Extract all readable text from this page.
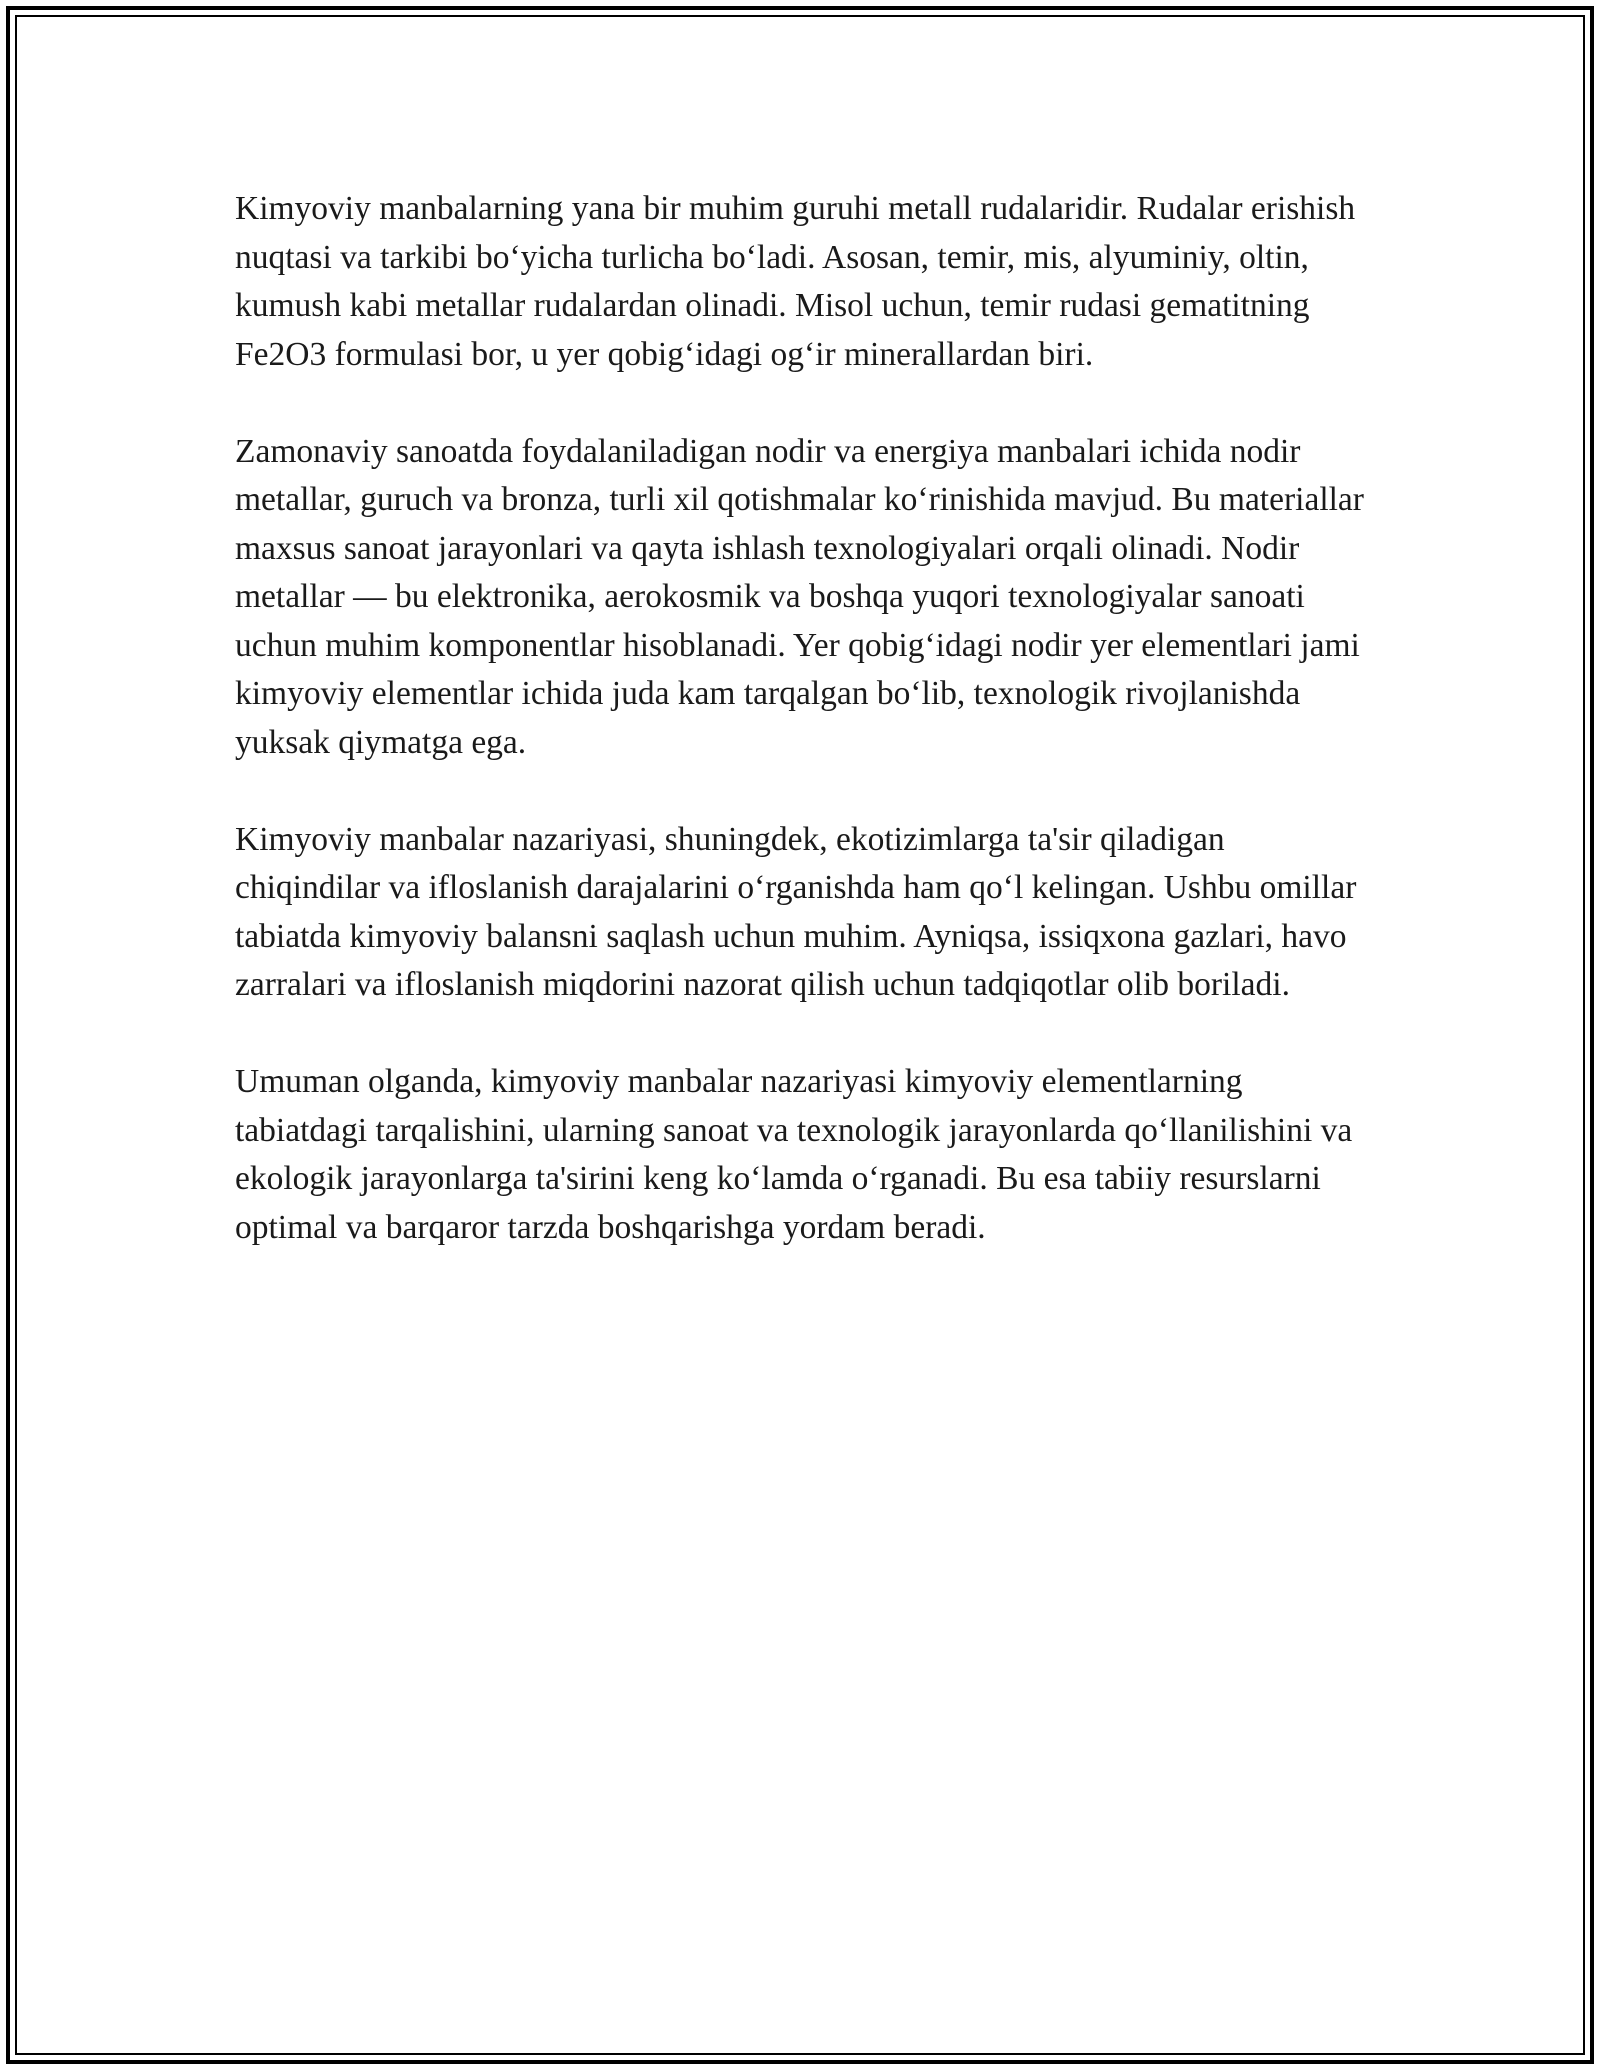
Kimyoviy manbalarning yana bir muhim guruhi metall rudalaridir. Rudalar erishish nuqtasi va tarkibi bo‘yicha turlicha bo‘ladi. Asosan, temir, mis, alyuminiy, oltin, kumush kabi metallar rudalardan olinadi. Misol uchun, temir rudasi gematitning Fe2O3 formulasi bor, u yer qobig‘idagi og‘ir minerallardan biri.

Zamonaviy sanoatda foydalaniladigan nodir va energiya manbalari ichida nodir metallar, guruch va bronza, turli xil qotishmalar ko‘rinishida mavjud. Bu materiallar maxsus sanoat jarayonlari va qayta ishlash texnologiyalari orqali olinadi. Nodir metallar — bu elektronika, aerokosmik va boshqa yuqori texnologiyalar sanoati uchun muhim komponentlar hisoblanadi. Yer qobig‘idagi nodir yer elementlari jami kimyoviy elementlar ichida juda kam tarqalgan bo‘lib, texnologik rivojlanishda yuksak qiymatga ega.

Kimyoviy manbalar nazariyasi, shuningdek, ekotizimlarga ta'sir qiladigan chiqindilar va ifloslanish darajalarini o‘rganishda ham qo‘l kelingan. Ushbu omillar tabiatda kimyoviy balansni saqlash uchun muhim. Ayniqsa, issiqxona gazlari, havo zarralari va ifloslanish miqdorini nazorat qilish uchun tadqiqotlar olib boriladi.

Umuman olganda, kimyoviy manbalar nazariyasi kimyoviy elementlarning tabiatdagi tarqalishini, ularning sanoat va texnologik jarayonlarda qo‘llanilishini va ekologik jarayonlarga ta'sirini keng ko‘lamda o‘rganadi. Bu esa tabiiy resurslarni optimal va barqaror tarzda boshqarishga yordam beradi.
